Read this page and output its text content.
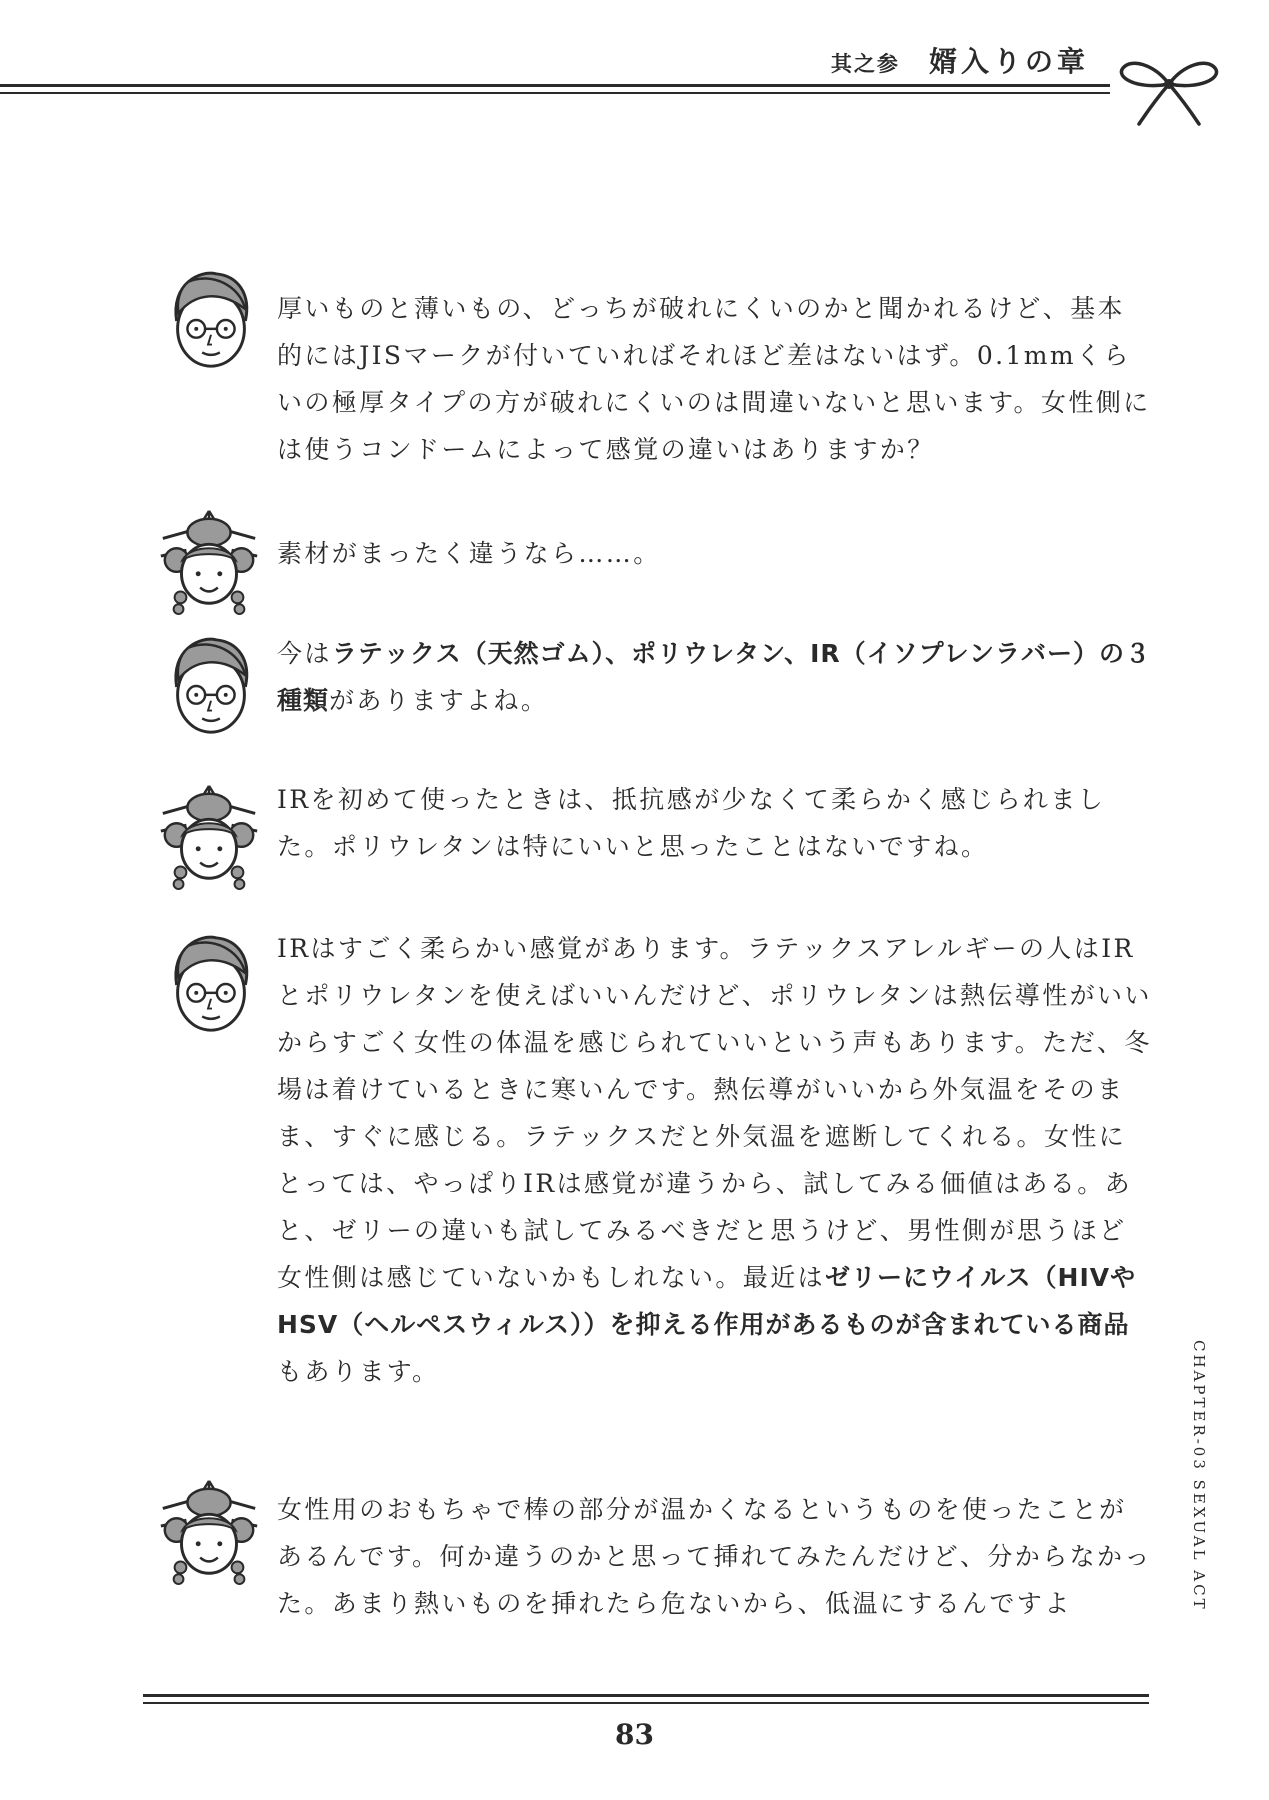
其之参 婿入りの章

厚いものと薄いもの、どっちが破れにくいのかと聞かれるけど、基本的にはJISマークが付いていればそれほど差はないはず。0.1mmくらいの極厚タイプの方が破れにくいのは間違いないと思います。女性側には使うコンドームによって感覚の違いはありますか？

素材がまったく違うなら……。

今はラテックス（天然ゴム）、ポリウレタン、IR（イソプレンラバー）の３種類がありますよね。

IRを初めて使ったときは、抵抗感が少なくて柔らかく感じられました。ポリウレタンは特にいいと思ったことはないですね。

IRはすごく柔らかい感覚があります。ラテックスアレルギーの人はIRとポリウレタンを使えばいいんだけど、ポリウレタンは熱伝導性がいいからすごく女性の体温を感じられていいという声もあります。ただ、冬場は着けているときに寒いんです。熱伝導がいいから外気温をそのまま、すぐに感じる。ラテックスだと外気温を遮断してくれる。女性にとっては、やっぱりIRは感覚が違うから、試してみる価値はある。あと、ゼリーの違いも試してみるべきだと思うけど、男性側が思うほど女性側は感じていないかもしれない。最近はゼリーにウイルス（HIVやHSV（ヘルペスウィルス））を抑える作用があるものが含まれている商品もあります。

女性用のおもちゃで棒の部分が温かくなるというものを使ったことがあるんです。何か違うのかと思って挿れてみたんだけど、分からなかった。あまり熱いものを挿れたら危ないから、低温にするんですよ	CHAPTER-03 SEXUAL ACT
83
